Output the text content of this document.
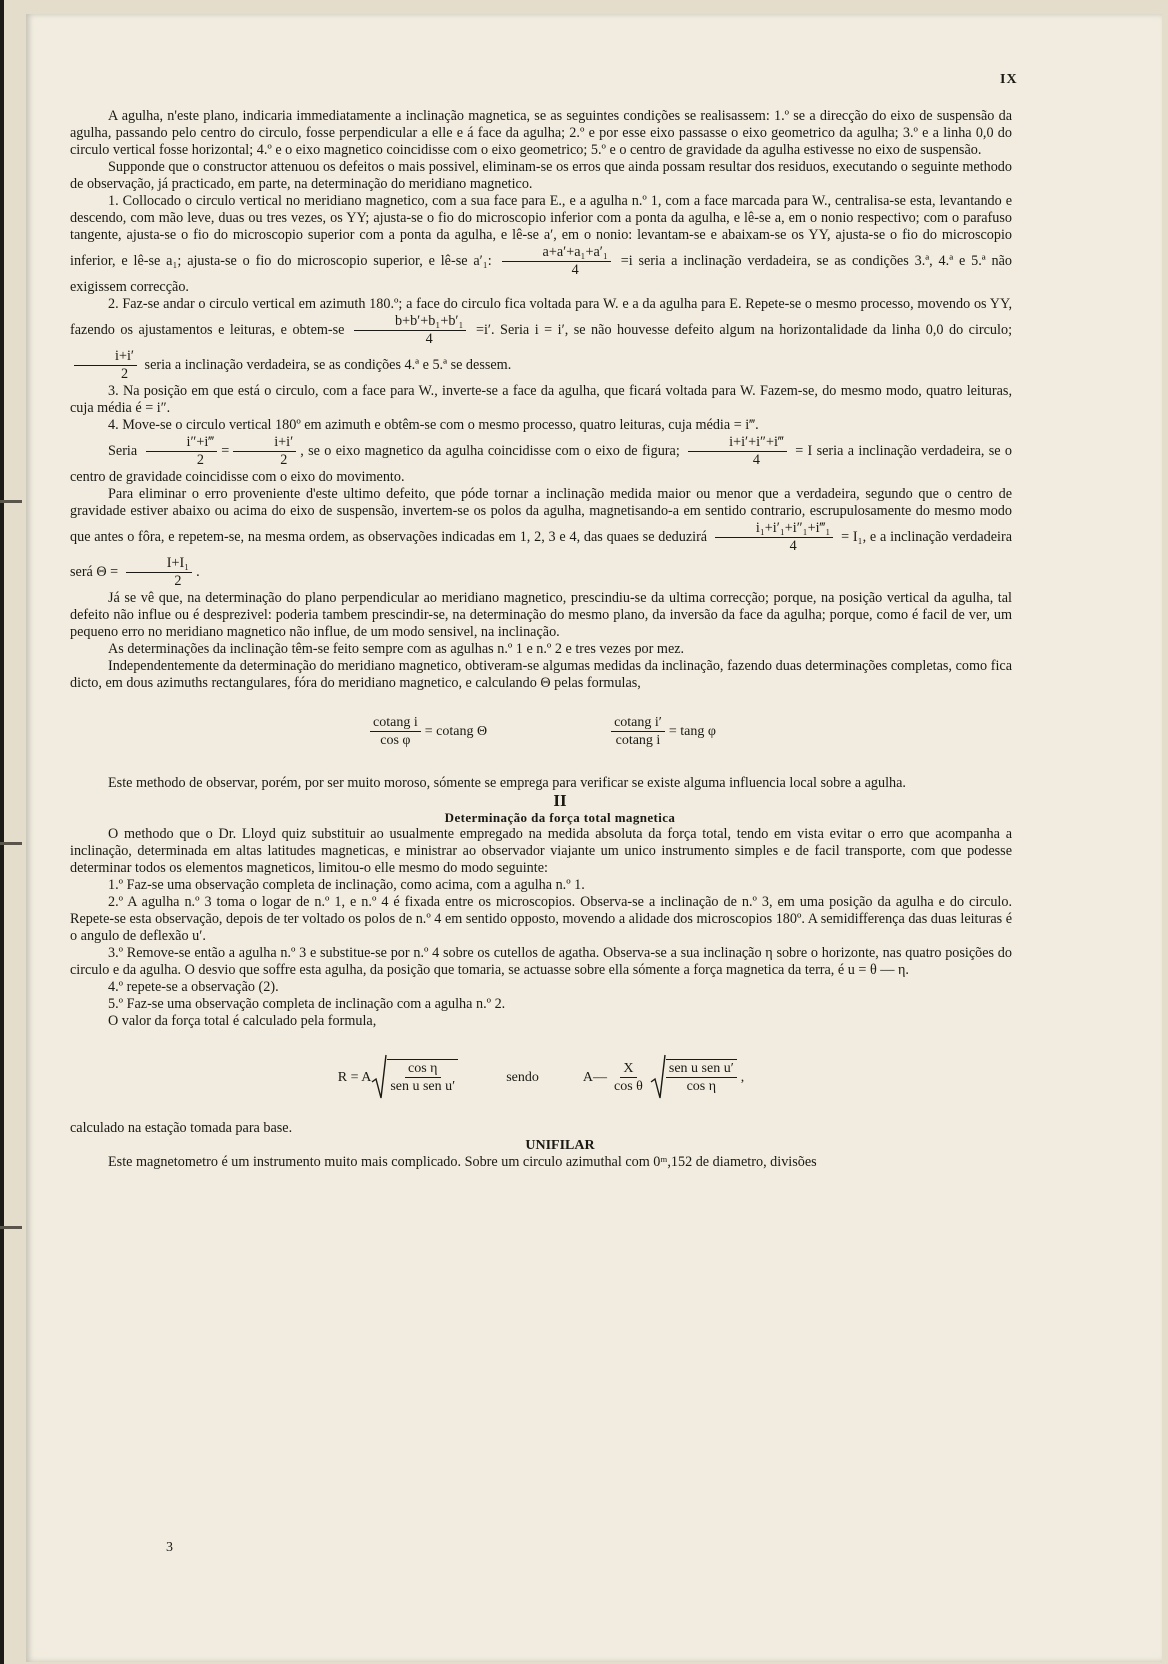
IX

A agulha, n'este plano, indicaria immediatamente a inclinação magnetica, se as seguintes condições se realisassem: 1.º se a direcção do eixo de suspensão da agulha, passando pelo centro do circulo, fosse perpendicular a elle e á face da agulha; 2.º e por esse eixo passasse o eixo geometrico da agulha; 3.º e a linha 0,0 do circulo vertical fosse horizontal; 4.º e o eixo magnetico coincidisse com o eixo geometrico; 5.º e o centro de gravidade da agulha estivesse no eixo de suspensão.

Supponde que o constructor attenuou os defeitos o mais possivel, eliminam-se os erros que ainda possam resultar dos residuos, executando o seguinte methodo de observação, já practicado, em parte, na determinação do meridiano magnetico.

1. Collocado o circulo vertical no meridiano magnetico, com a sua face para E., e a agulha n.º 1, com a face marcada para W., centralisa-se esta, levantando e descendo, com mão leve, duas ou tres vezes, os YY; ajusta-se o fio do microscopio inferior com a ponta da agulha, e lê-se a, em o nonio respectivo; com o parafuso tangente, ajusta-se o fio do microscopio superior com a ponta da agulha, e lê-se a′, em o nonio: levantam-se e abaixam-se os YY, ajusta-se o fio do microscopio inferior, e lê-se a₁; ajusta-se o fio do microscopio superior, e lê-se a′₁: $\frac{\text{a+a′+a₁+a′₁}}{4} =i$ seria a inclinação verdadeira, se as condições 3.ª, 4.ª e 5.ª não exigissem correcção.

2. Faz-se andar o circulo vertical em azimuth 180.º; a face do circulo fica voltada para W. e a da agulha para E. Repete-se o mesmo processo, movendo os YY, fazendo os ajustamentos e leituras, e obtem-se $\frac{\text{b+b′+b₁+b′₁}}{4} =i'$. Seria i = i′, se não houvesse defeito algum na horizontalidade da linha 0,0 do circulo;
$\frac{i+i'}{2}$ seria a inclinação verdadeira, se as condições 4.ª e 5.ª se dessem.

3. Na posição em que está o circulo, com a face para W., inverte-se a face da agulha, que ficará voltada para W. Fazem-se, do mesmo modo, quatro leituras, cuja média é = i″.

4. Move-se o circulo vertical 180º em azimuth e obtêm-se com o mesmo processo, quatro leituras, cuja média = i‴.

Seria $\frac{i''+i‴}{2} = \frac{i+i'}{2}$ , se o eixo magnetico da agulha coincidisse com o eixo de figura; $\frac{i+i'+i''+i‴}{4} = I$ seria a inclinação verdadeira, se o centro de gravidade coincidisse com o eixo do movimento.

Para eliminar o erro proveniente d'este ultimo defeito, que póde tornar a inclinação medida maior ou menor que a verdadeira, segundo que o centro de gravidade estiver abaixo ou acima do eixo de suspensão, invertem-se os polos da agulha, magnetisando-a em sentido contrario, escrupulosamente do mesmo modo que antes o fôra, e repetem-se, na mesma ordem, as observações indicadas em 1, 2, 3 e 4, das quaes se deduzirá $\frac{\text{i₁+i′₁+i″₁+i‴₁}}{4} = I_1$, e a inclinação verdadeira será $\Theta = \frac{\text{I+I₁}}{2}$ .

Já se vê que, na determinação do plano perpendicular ao meridiano magnetico, prescindiu-se da ultima correcção; porque, na posição vertical da agulha, tal defeito não influe ou é desprezivel: poderia tambem prescindir-se, na determinação do mesmo plano, da inversão da face da agulha; porque, como é facil de ver, um pequeno erro no meridiano magnetico não influe, de um modo sensivel, na inclinação.

As determinações da inclinação têm-se feito sempre com as agulhas n.º 1 e n.º 2 e tres vezes por mez.

Independentemente da determinação do meridiano magnetico, obtiveram-se algumas medidas da inclinação, fazendo duas determinações completas, como fica dicto, em dous azimuths rectangulares, fóra do meridiano magnetico, e calculando Θ pelas formulas,

$\frac{\text{cotang i}}{\text{cos φ}} = cotang$ Θ	$\frac{\text{cotang i′}}{\text{cotang i}} = \tan g$ φ

Este methodo de observar, porém, por ser muito moroso, sómente se emprega para verificar se existe alguma influencia local sobre a agulha.

II

Determinação da força total magnetica

O methodo que o Dr. Lloyd quiz substituir ao usualmente empregado na medida absoluta da força total, tendo em vista evitar o erro que acompanha a inclinação, determinada em altas latitudes magneticas, e ministrar ao observador viajante um unico instrumento simples e de facil transporte, com que podesse determinar todos os elementos magneticos, limitou-o elle mesmo do modo seguinte:

1.º Faz-se uma observação completa de inclinação, como acima, com a agulha n.º 1.

2.º A agulha n.º 3 toma o logar de n.º 1, e n.º 4 é fixada entre os microscopios. Observa-se a inclinação de n.º 3, em uma posição da agulha e do circulo. Repete-se esta observação, depois de ter voltado os polos de n.º 4 em sentido opposto, movendo a alidade dos microscopios 180º. A semidifferença das duas leituras é o angulo de deflexão u′.

3.º Remove-se então a agulha n.º 3 e substitue-se por n.º 4 sobre os cutellos de agatha. Observa-se a sua inclinação η sobre o horizonte, nas quatro posições do circulo e da agulha. O desvio que soffre esta agulha, da posição que tomaria, se actuasse sobre ella sómente a força magnetica da terra, é u = θ — η.

4.º repete-se a observação (2).

5.º Faz-se uma observação completa de inclinação com a agulha n.º 2.

O valor da força total é calculado pela formula,

R = A $\frac{\text{cos η}}{\text{sen u sen u′}}$	sendo	A— $\frac{X}{\text{cos θ}} \frac{\text{sen u sen u′}}{\text{cos η}}$ ,

calculado na estação tomada para base.

UNIFILAR

Este magnetometro é um instrumento muito mais complicado. Sobre um circulo azimuthal com 0ᵐ,152 de diametro, divisões

3
